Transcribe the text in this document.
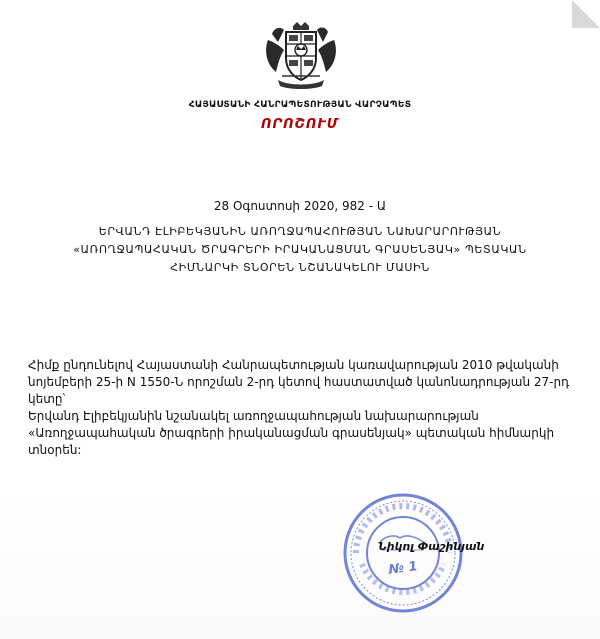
ՀԱՅԱՍՏԱՆԻ ՀԱՆՐԱՊԵՏՈՒԹՅԱՆ ՎԱՐՉԱՊԵՏ
ՈՐՈՇՈՒՄ
28 Օգոստոսի 2020, 982 - Ա
ԵՐՎԱՆԴ ԷԼԻԲԵԿՅԱՆԻՆ ԱՌՈՂՋԱՊԱՀՈՒԹՅԱՆ ՆԱԽԱՐԱՐՈՒԹՅԱՆ
«ԱՌՈՂՋԱՊԱՀԱԿԱՆ ԾՐԱԳՐԵՐԻ ԻՐԱԿԱՆԱՑՄԱՆ ԳՐԱՍԵՆՅԱԿ» ՊԵՏԱԿԱՆ
ՀԻՄՆԱՐԿԻ ՏՆՕՐԵՆ ՆՇԱՆԱԿԵԼՈՒ ՄԱՍԻՆ

Հիմք ընդունելով Հայաստանի Հանրապետության կառավարության 2010 թվականի նոյեմբերի 25-ի N 1550-Ն որոշման 2-րդ կետով հաստատված կանոնադրության 27-րդ կետը՝

Երվանդ Էլիբեկյանին նշանակել առողջապահության նախարարության «Առողջապահական ծրագրերի իրականացման գրասենյակ» պետական հիմնարկի տնօրեն:

№ 1
Նիկոլ Փաշինյան
